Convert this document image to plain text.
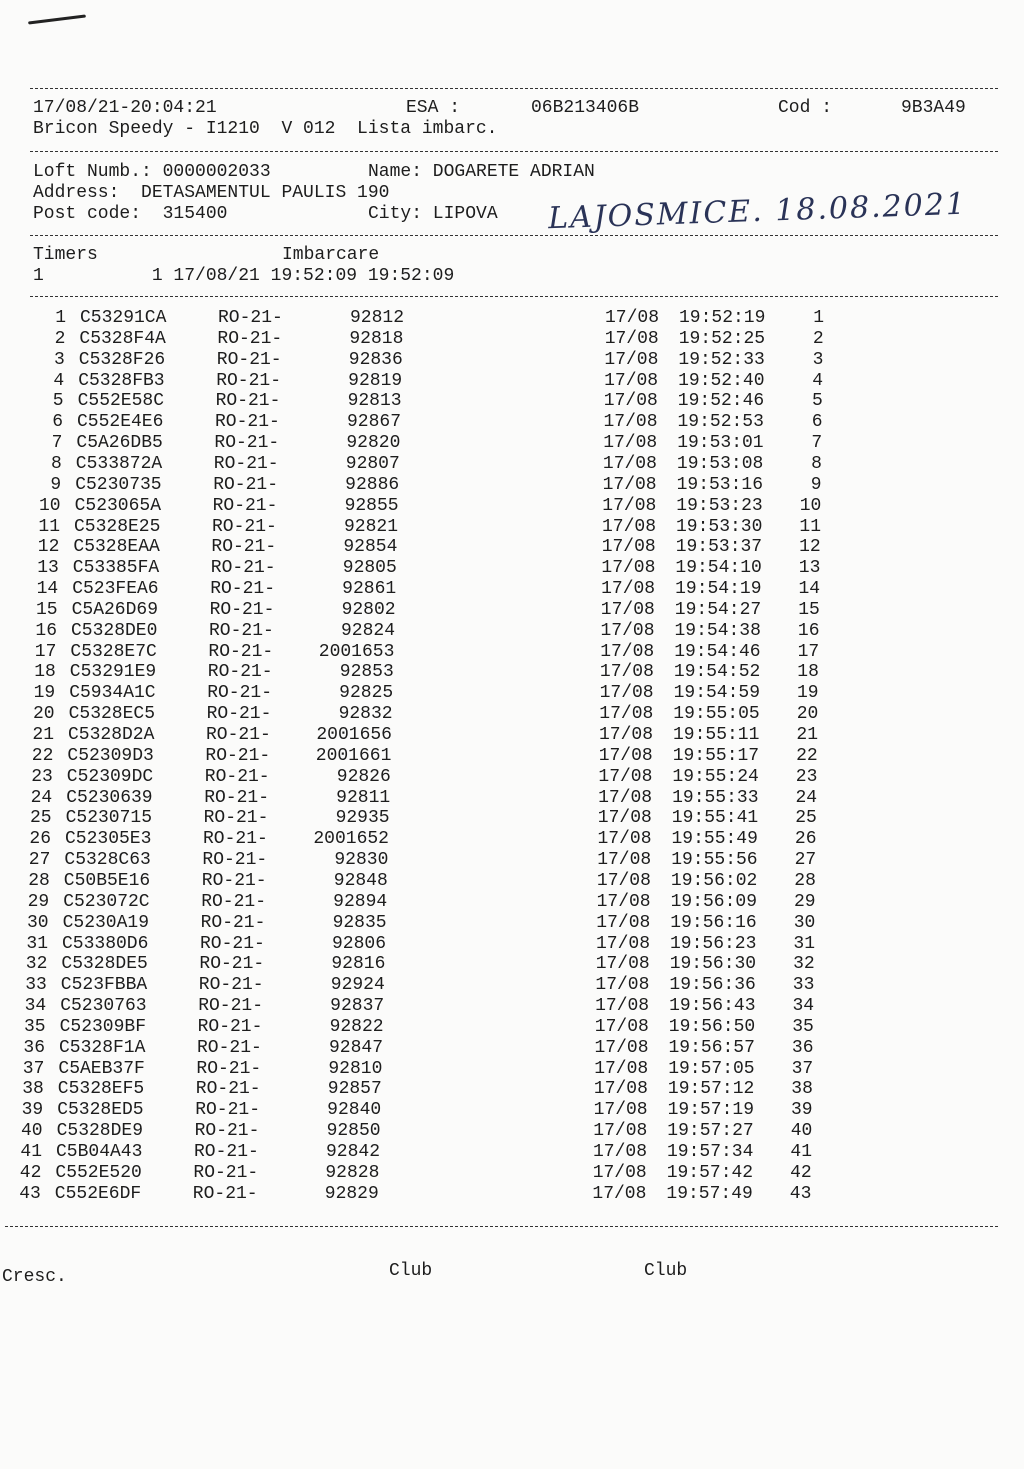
17/08/21-20:04:21	ESA :	06B213406B	Cod :	9B3A49
Bricon Speedy - I1210  V 012  Lista imbarc.
Loft Numb.: 0000002033	Name: DOGARETE ADRIAN
Address:  DETASAMENTUL PAULIS 190
Post code:  315400	City: LIPOVA LAJOSMICE. 18.08.2021
Timers	Imbarcare
1          1 17/08/21 19:52:09 19:52:09
1 C53291CA	RO-21-	92812	17/08 19:52:19	1
2 C5328F4A	RO-21-	92818	17/08 19:52:25	2
3 C5328F26	RO-21-	92836	17/08 19:52:33	3
4 C5328FB3	RO-21-	92819	17/08 19:52:40	4
5 C552E58C	RO-21-	92813	17/08 19:52:46	5
6 C552E4E6	RO-21-	92867	17/08 19:52:53	6
7 C5A26DB5	RO-21-	92820	17/08 19:53:01	7
8 C533872A	RO-21-	92807	17/08 19:53:08	8
9 C5230735	RO-21-	92886	17/08 19:53:16	9
10 C523065A	RO-21-	92855	17/08 19:53:23 10
11 C5328E25	RO-21-	92821	17/08 19:53:30 11
12 C5328EAA	RO-21-	92854	17/08 19:53:37 12
13 C53385FA	RO-21-	92805	17/08 19:54:10 13
14 C523FEA6	RO-21-	92861	17/08 19:54:19 14
15 C5A26D69	RO-21-	92802	17/08 19:54:27 15
16 C5328DE0	RO-21-	92824	17/08 19:54:38 16
17 C5328E7C	RO-21-	2001653	17/08 19:54:46 17
18 C53291E9	RO-21-	92853	17/08 19:54:52 18
19 C5934A1C	RO-21-	92825	17/08 19:54:59 19
20 C5328EC5	RO-21-	92832	17/08 19:55:05 20
21 C5328D2A	RO-21-	2001656	17/08 19:55:11 21
22 C52309D3	RO-21-	2001661	17/08 19:55:17 22
23 C52309DC	RO-21-	92826	17/08 19:55:24 23
24 C5230639	RO-21-	92811	17/08 19:55:33 24
25 C5230715	RO-21-	92935	17/08 19:55:41 25
26 C52305E3	RO-21-	2001652	17/08 19:55:49 26
27 C5328C63	RO-21-	92830	17/08 19:55:56 27
28 C50B5E16	RO-21-	92848	17/08 19:56:02 28
29 C523072C	RO-21-	92894	17/08 19:56:09 29
30 C5230A19	RO-21-	92835	17/08 19:56:16 30
31 C53380D6	RO-21-	92806	17/08 19:56:23 31
32 C5328DE5	RO-21-	92816	17/08 19:56:30 32
33 C523FBBA	RO-21-	92924	17/08 19:56:36 33
34 C5230763	RO-21-	92837	17/08 19:56:43 34
35 C52309BF	RO-21-	92822	17/08 19:56:50 35
36 C5328F1A	RO-21-	92847	17/08 19:56:57 36
37 C5AEB37F	RO-21-	92810	17/08 19:57:05 37
38 C5328EF5	RO-21-	92857	17/08 19:57:12 38
39 C5328ED5	RO-21-	92840	17/08 19:57:19 39
40 C5328DE9	RO-21-	92850	17/08 19:57:27 40
41 C5B04A43	RO-21-	92842	17/08 19:57:34 41
42 C552E520	RO-21-	92828	17/08 19:57:42 42
43 C552E6DF	RO-21-	92829	17/08 19:57:49 43
Cresc.	Club	Club
